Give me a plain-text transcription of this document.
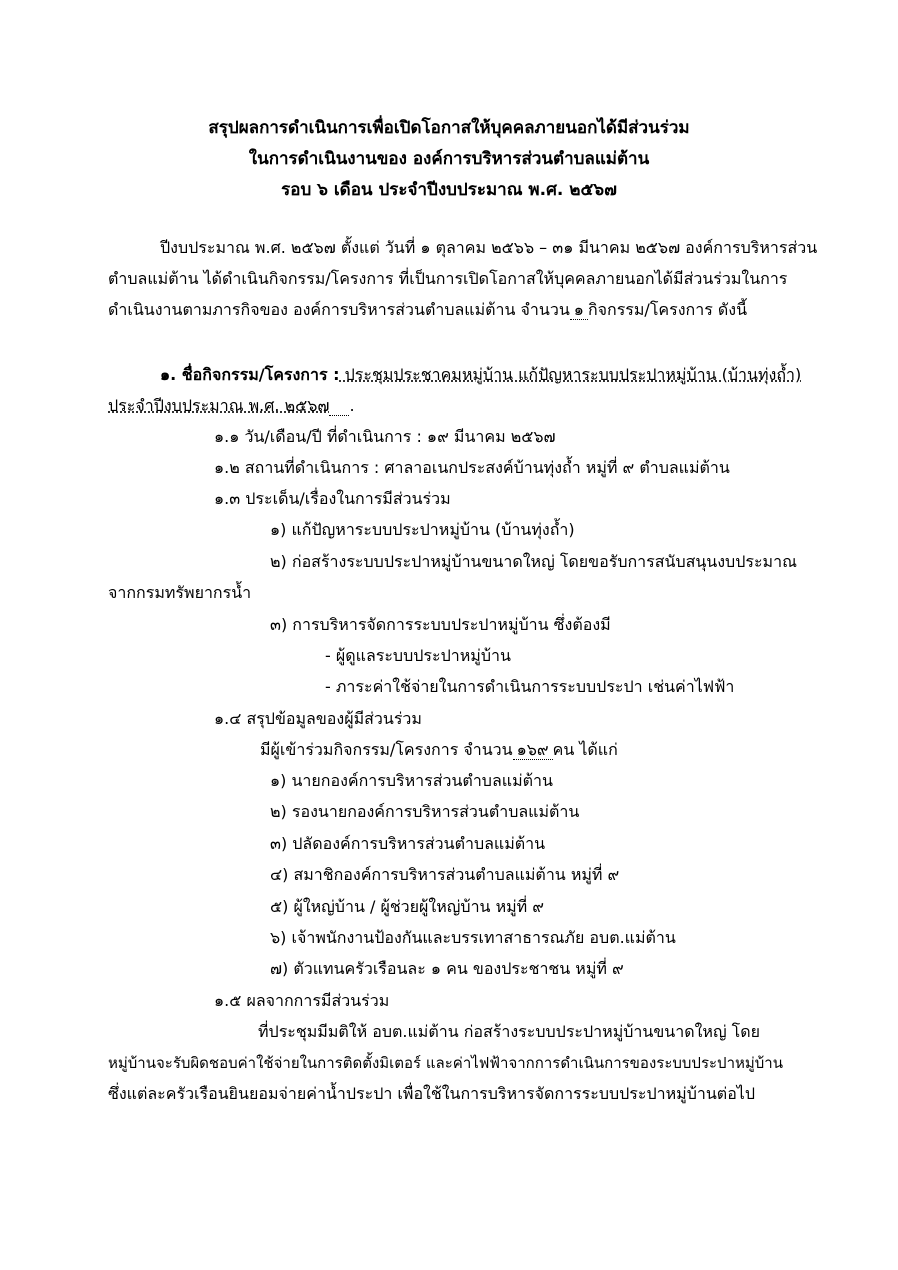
สรุปผลการดำเนินการเพื่อเปิดโอกาสให้บุคคลภายนอกได้มีส่วนร่วม
ในการดำเนินงานของ องค์การบริหารส่วนตำบลแม่ต้าน
รอบ ๖ เดือน ประจำปีงบประมาณ พ.ศ. ๒๕๖๗
ปีงบประมาณ พ.ศ. ๒๕๖๗ ตั้งแต่ วันที่ ๑ ตุลาคม ๒๕๖๖ – ๓๑ มีนาคม ๒๕๖๗ องค์การบริหารส่วน
ตำบลแม่ต้าน ได้ดำเนินกิจกรรม/โครงการ ที่เป็นการเปิดโอกาสให้บุคคลภายนอกได้มีส่วนร่วมในการ
ดำเนินงานตามภารกิจของ องค์การบริหารส่วนตำบลแม่ต้าน จำนวน ๑ กิจกรรม/โครงการ ดังนี้
๑. ชื่อกิจกรรม/โครงการ : ประชุมประชาคมหมู่บ้าน แก้ปัญหาระบบประปาหมู่บ้าน (บ้านทุ่งถ้ำ)
ประจำปีงบประมาณ พ.ศ. ๒๕๖๗ .
๑.๑ วัน/เดือน/ปี ที่ดำเนินการ : ๑๙ มีนาคม ๒๕๖๗
๑.๒ สถานที่ดำเนินการ : ศาลาอเนกประสงค์บ้านทุ่งถ้ำ หมู่ที่ ๙ ตำบลแม่ต้าน
๑.๓ ประเด็น/เรื่องในการมีส่วนร่วม
๑) แก้ปัญหาระบบประปาหมู่บ้าน (บ้านทุ่งถ้ำ)
๒) ก่อสร้างระบบประปาหมู่บ้านขนาดใหญ่ โดยขอรับการสนับสนุนงบประมาณ
จากกรมทรัพยากรน้ำ
๓) การบริหารจัดการระบบประปาหมู่บ้าน ซึ่งต้องมี
- ผู้ดูแลระบบประปาหมู่บ้าน
- ภาระค่าใช้จ่ายในการดำเนินการระบบประปา เช่นค่าไฟฟ้า
๑.๔ สรุปข้อมูลของผู้มีส่วนร่วม
มีผู้เข้าร่วมกิจกรรม/โครงการ จำนวน ๑๖๙ คน ได้แก่
๑) นายกองค์การบริหารส่วนตำบลแม่ต้าน
๒) รองนายกองค์การบริหารส่วนตำบลแม่ต้าน
๓) ปลัดองค์การบริหารส่วนตำบลแม่ต้าน
๔) สมาชิกองค์การบริหารส่วนตำบลแม่ต้าน หมู่ที่ ๙
๕) ผู้ใหญ่บ้าน / ผู้ช่วยผู้ใหญ่บ้าน หมู่ที่ ๙
๖) เจ้าพนักงานป้องกันและบรรเทาสาธารณภัย อบต.แม่ต้าน
๗) ตัวแทนครัวเรือนละ ๑ คน ของประชาชน หมู่ที่ ๙
๑.๕ ผลจากการมีส่วนร่วม
ที่ประชุมมีมติให้ อบต.แม่ต้าน ก่อสร้างระบบประปาหมู่บ้านขนาดใหญ่ โดย
หมู่บ้านจะรับผิดชอบค่าใช้จ่ายในการติดตั้งมิเตอร์ และค่าไฟฟ้าจากการดำเนินการของระบบประปาหมู่บ้าน
ซึ่งแต่ละครัวเรือนยินยอมจ่ายค่าน้ำประปา เพื่อใช้ในการบริหารจัดการระบบประปาหมู่บ้านต่อไป
